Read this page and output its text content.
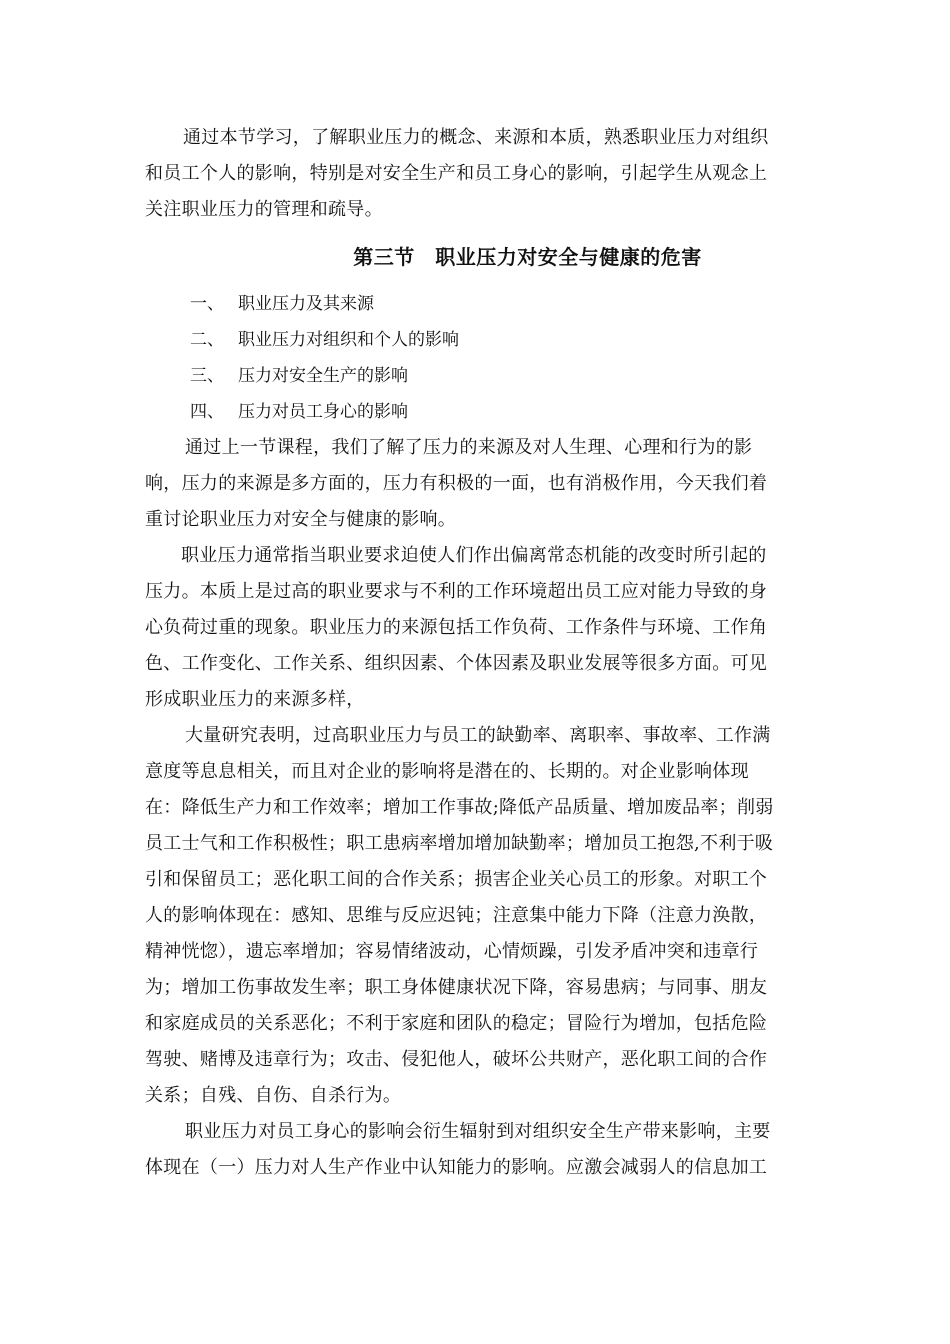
通过本节学习，了解职业压力的概念、来源和本质，熟悉职业压力对组织
和员工个人的影响，特别是对安全生产和员工身心的影响，引起学生从观念上
关注职业压力的管理和疏导。
第三节　职业压力对安全与健康的危害
一、 职业压力及其来源
二、 职业压力对组织和个人的影响
三、 压力对安全生产的影响
四、 压力对员工身心的影响
通过上一节课程，我们了解了压力的来源及对人生理、心理和行为的影
响，压力的来源是多方面的，压力有积极的一面，也有消极作用，今天我们着
重讨论职业压力对安全与健康的影响。
职业压力通常指当职业要求迫使人们作出偏离常态机能的改变时所引起的
压力。本质上是过高的职业要求与不利的工作环境超出员工应对能力导致的身
心负荷过重的现象。职业压力的来源包括工作负荷、工作条件与环境、工作角
色、工作变化、工作关系、组织因素、个体因素及职业发展等很多方面。可见
形成职业压力的来源多样，
大量研究表明，过高职业压力与员工的缺勤率、离职率、事故率、工作满
意度等息息相关，而且对企业的影响将是潜在的、长期的。对企业影响体现
在：降低生产力和工作效率；增加工作事故;降低产品质量、增加废品率；削弱
员工士气和工作积极性；职工患病率增加增加缺勤率；增加员工抱怨,不利于吸
引和保留员工；恶化职工间的合作关系；损害企业关心员工的形象。对职工个
人的影响体现在：感知、思维与反应迟钝；注意集中能力下降（注意力涣散，
精神恍惚），遗忘率增加；容易情绪波动，心情烦躁，引发矛盾冲突和违章行
为；增加工伤事故发生率；职工身体健康状况下降，容易患病；与同事、朋友
和家庭成员的关系恶化；不利于家庭和团队的稳定；冒险行为增加，包括危险
驾驶、赌博及违章行为；攻击、侵犯他人，破坏公共财产，恶化职工间的合作
关系；自残、自伤、自杀行为。
职业压力对员工身心的影响会衍生辐射到对组织安全生产带来影响，主要
体现在（一）压力对人生产作业中认知能力的影响。应激会减弱人的信息加工
